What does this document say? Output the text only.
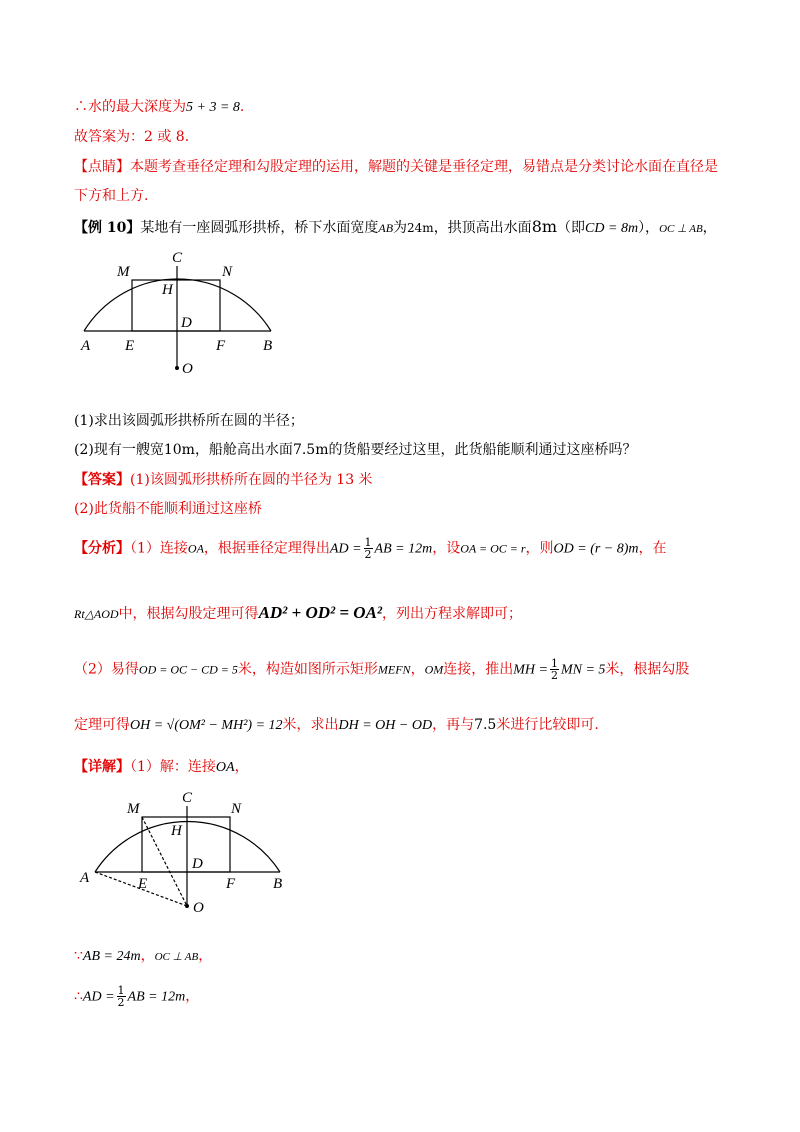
∴水的最大深度为5 + 3 = 8.
故答案为：2 或 8.
【点睛】本题考查垂径定理和勾股定理的运用，解题的关键是垂径定理，易错点是分类讨论水面在直径是
下方和上方.
【例 10】某地有一座圆弧形拱桥，桥下水面宽度AB为24m，拱顶高出水面8m（即CD = 8m），OC ⊥ AB，
M
C
N
H
D
A E	F	B
O
(1)求出该圆弧形拱桥所在圆的半径；
(2)现有一艘宽10m，船舱高出水面7.5m的货船要经过这里，此货船能顺利通过这座桥吗？
【答案】(1)该圆弧形拱桥所在圆的半径为 13 米
(2)此货船不能顺利通过这座桥
【分析】（1）连接OA，根据垂径定理得出AD = $\frac{1}{2}$ AB = 12m，设OA = OC = r，则OD = (r − 8)m，在
Rt△AOD中，根据勾股定理可得AD² + OD² = OA²，列出方程求解即可；
（2）易得OD = OC − CD = 5米，构造如图所示矩形MEFN，OM连接，推出MH = $\frac{1}{2}$ MN = 5米，根据勾股
定理可得OH = √(OM² − MH²) = 12米，求出DH = OH − OD，再与7.5米进行比较即可.
【详解】（1）解：连接OA，
M
C
N
H
D
A	E	F	B
O
∵AB = 24m，OC ⊥ AB，
∴AD = $\frac{1}{2}$ AB = 12m，
